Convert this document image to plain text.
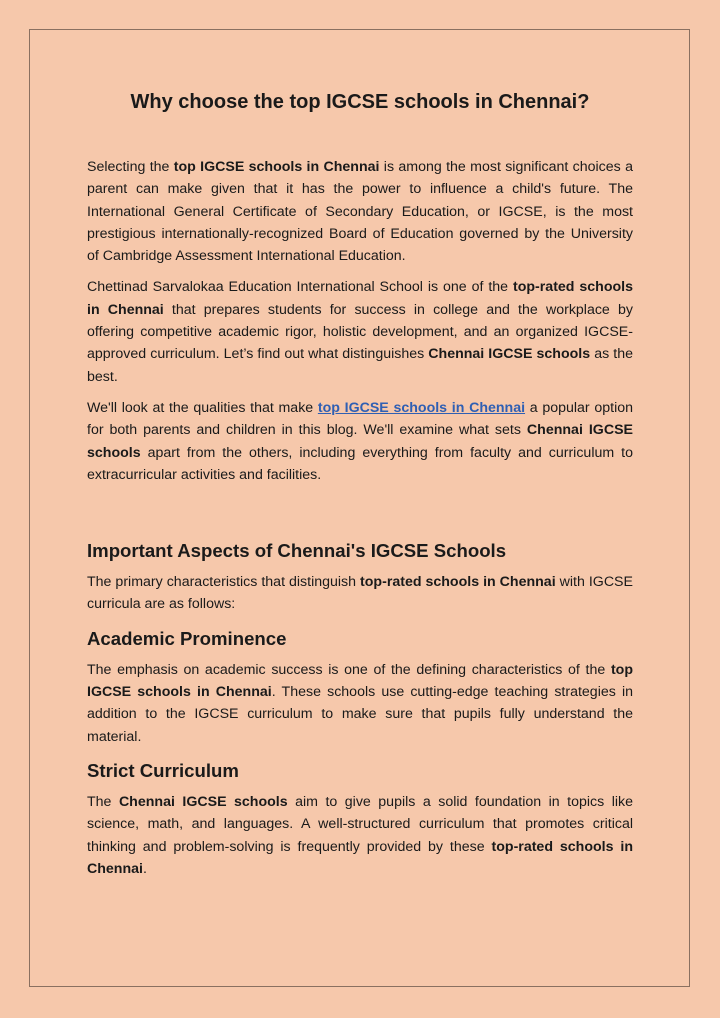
Why choose the top IGCSE schools in Chennai?

Selecting the top IGCSE schools in Chennai is among the most significant choices a parent can make given that it has the power to influence a child's future. The International General Certificate of Secondary Education, or IGCSE, is the most prestigious internationally-recognized Board of Education governed by the University of Cambridge Assessment International Education.

Chettinad Sarvalokaa Education International School is one of the top-rated schools in Chennai that prepares students for success in college and the workplace by offering competitive academic rigor, holistic development, and an organized IGCSE-approved curriculum. Let’s find out what distinguishes Chennai IGCSE schools as the best.

We'll look at the qualities that make top IGCSE schools in Chennai a popular option for both parents and children in this blog. We'll examine what sets Chennai IGCSE schools apart from the others, including everything from faculty and curriculum to extracurricular activities and facilities.

Important Aspects of Chennai's IGCSE Schools

The primary characteristics that distinguish top-rated schools in Chennai with IGCSE curricula are as follows:

Academic Prominence

The emphasis on academic success is one of the defining characteristics of the top IGCSE schools in Chennai. These schools use cutting-edge teaching strategies in addition to the IGCSE curriculum to make sure that pupils fully understand the material.

Strict Curriculum

The Chennai IGCSE schools aim to give pupils a solid foundation in topics like science, math, and languages. A well-structured curriculum that promotes critical thinking and problem-solving is frequently provided by these top-rated schools in Chennai.
